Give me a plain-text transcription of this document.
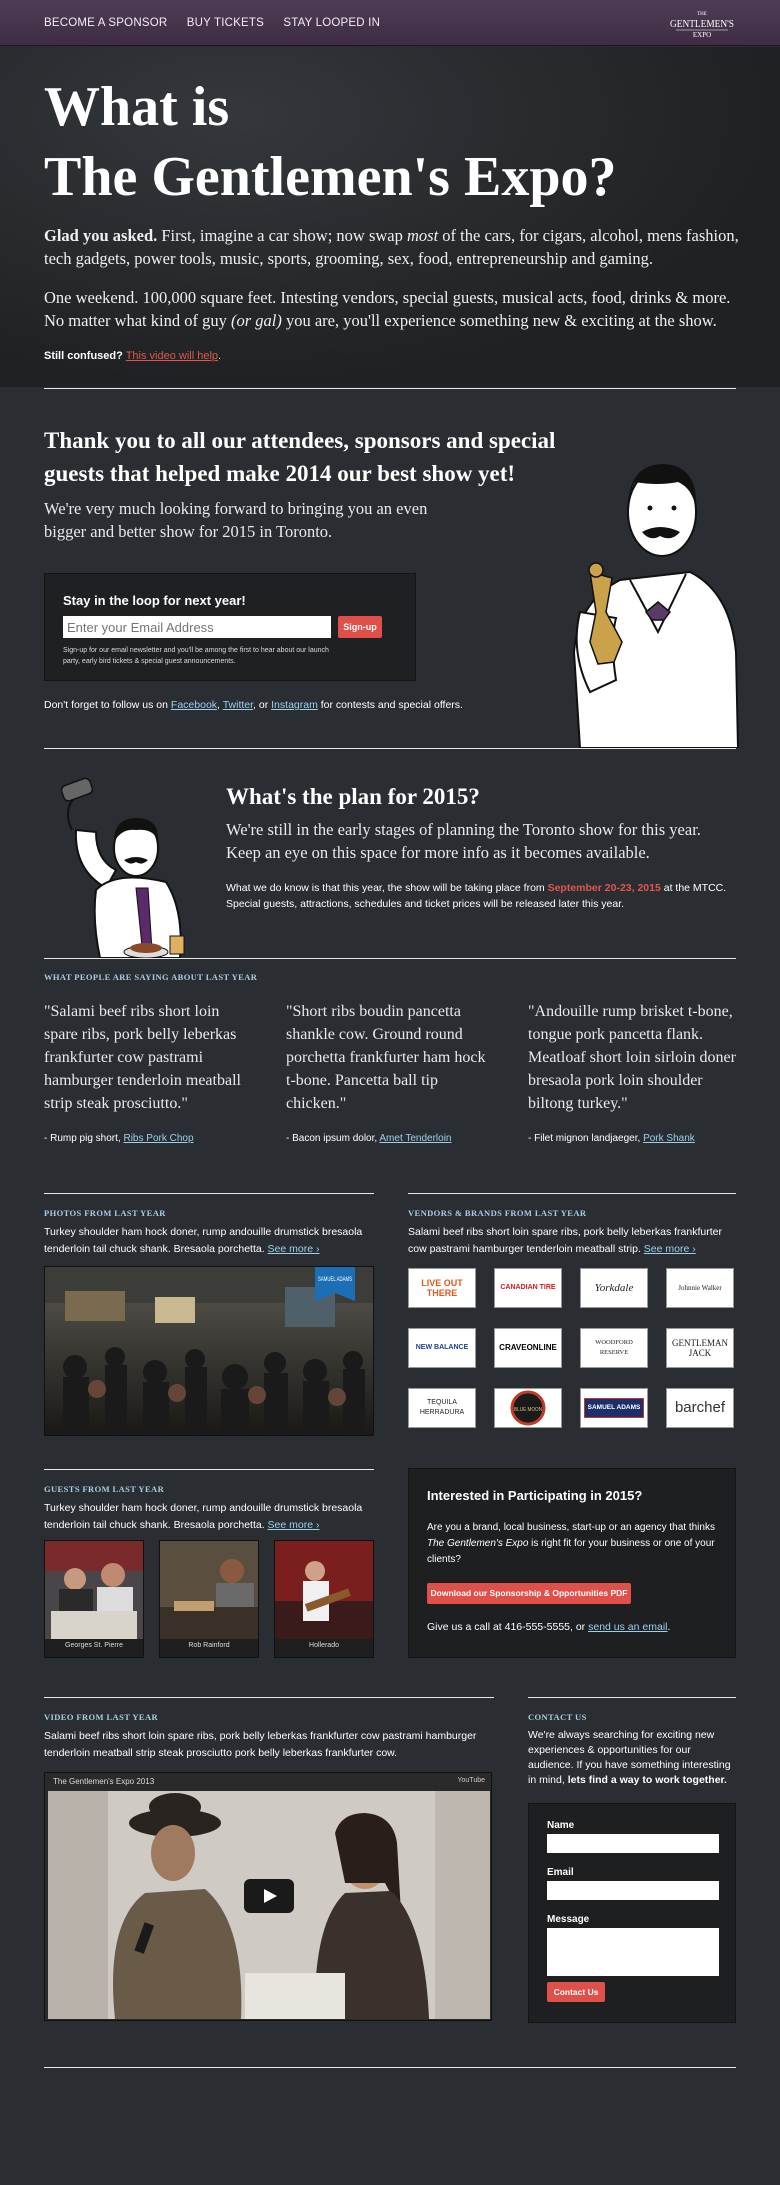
BECOME A SPONSOR BUY TICKETS STAY LOOPED IN
THE
GENTLEMEN'S
EXPO
What is
The Gentlemen's Expo?

Glad you asked. First, imagine a car show; now swap most of the cars, for cigars, alcohol, mens fashion, tech gadgets, power tools, music, sports, grooming, sex, food, entrepreneurship and gaming.

One weekend. 100,000 square feet. Intesting vendors, special guests, musical acts, food, drinks & more. No matter what kind of guy (or gal) you are, you'll experience something new & exciting at the show.

Still confused? This video will help.
Thank you to all our attendees, sponsors and special guests that helped make 2014 our best show yet!
We're very much looking forward to bringing you an even bigger and better show for 2015 in Toronto.
Stay in the loop for next year!
Enter your Email Address
Sign-up
Sign-up for our email newsletter and you'll be among the first to hear about our launch party, early bird tickets & special guest announcements.
Don't forget to follow us on Facebook, Twitter, or Instagram for contests and special offers.
What's the plan for 2015?
We're still in the early stages of planning the Toronto show for this year. Keep an eye on this space for more info as it becomes available.

What we do know is that this year, the show will be taking place from September 20-23, 2015 at the MTCC. Special guests, attractions, schedules and ticket prices will be released later this year.

WHAT PEOPLE ARE SAYING ABOUT LAST YEAR
"Salami beef ribs short loin spare ribs, pork belly leberkas frankfurter cow pastrami hamburger tenderloin meatball strip steak prosciutto."
- Rump pig short, Ribs Pork Chop
"Short ribs boudin pancetta shankle cow. Ground round porchetta frankfurter ham hock t-bone. Pancetta ball tip chicken."
- Bacon ipsum dolor, Amet Tenderloin
"Andouille rump brisket t-bone, tongue pork pancetta flank. Meatloaf short loin sirloin doner bresaola pork loin shoulder biltong turkey."
- Filet mignon landjaeger, Pork Shank
PHOTOS FROM LAST YEAR
Turkey shoulder ham hock doner, rump andouille drumstick bresaola tenderloin tail chuck shank. Bresaola porchetta. See more ›
SAMUEL ADAMS
VENDORS & BRANDS FROM LAST YEAR
Salami beef ribs short loin spare ribs, pork belly leberkas frankfurter cow pastrami hamburger tenderloin meatball strip. See more ›
LIVE OUT THERE
CANADIAN TIRE	Yorkdale	Johnnie Walker
NEW BALANCE	CRAVEONLINE
WOODFORD RESERVE
GENTLEMAN JACK
TEQUILA HERRADURA	BLUE MOON	SAMUEL ADAMS	barchef
GUESTS FROM LAST YEAR
Turkey shoulder ham hock doner, rump andouille drumstick bresaola tenderloin tail chuck shank. Bresaola porchetta. See more ›
Georges St. Pierre	Rob Rainford	Hollerado
Interested in Participating in 2015?
Are you a brand, local business, start-up or an agency that thinks The Gentlemen's Expo is right fit for your business or one of your clients?
Download our Sponsorship & Opportunities PDF
Give us a call at 416-555-5555, or send us an email.
VIDEO FROM LAST YEAR
Salami beef ribs short loin spare ribs, pork belly leberkas frankfurter cow pastrami hamburger tenderloin meatball strip steak prosciutto pork belly leberkas frankfurter cow.
The Gentlemen's Expo 2013	YouTube
CONTACT US
We're always searching for exciting new experiences & opportunities for our audience. If you have something interesting in mind, lets find a way to work together.
Name
Email
Message
Contact Us
